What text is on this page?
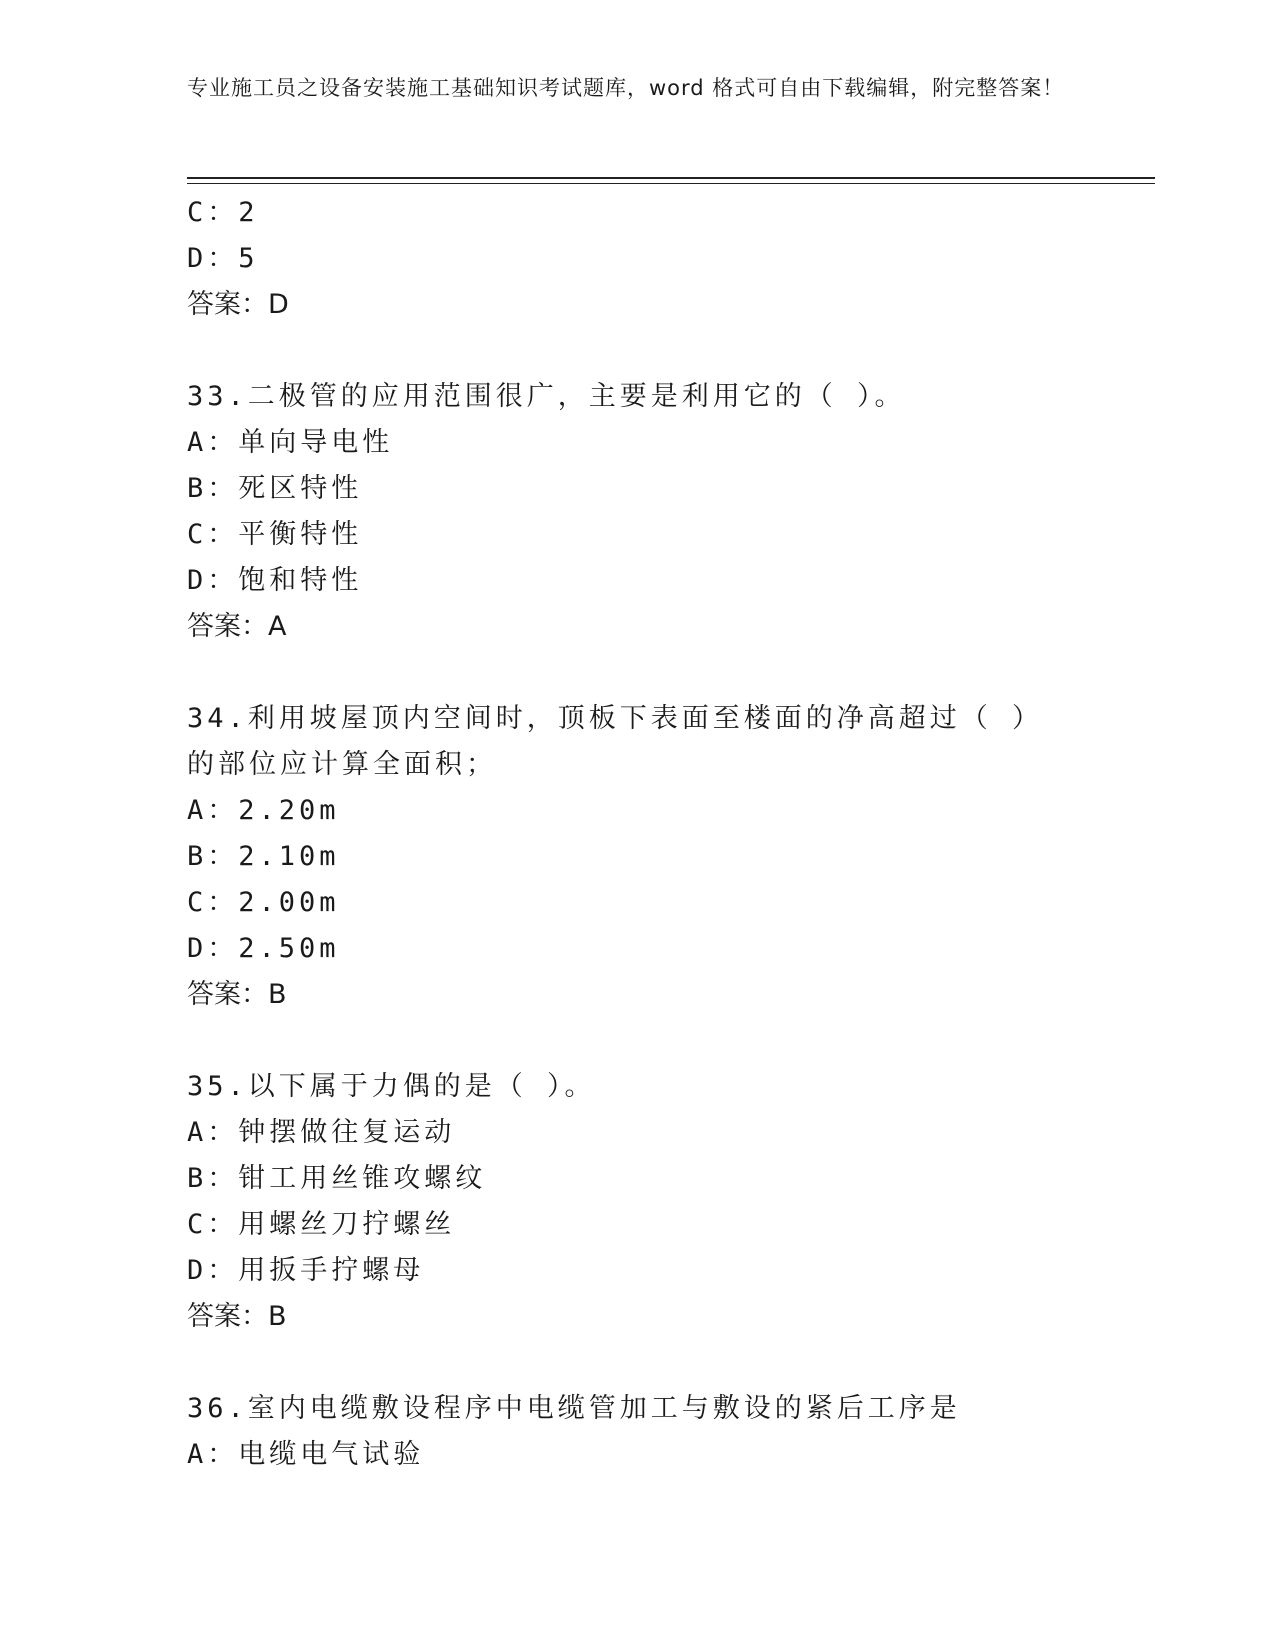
专业施工员之设备安装施工基础知识考试题库，word 格式可自由下载编辑，附完整答案！
C：2
D：5
答案：D
33.二极管的应用范围很广，主要是利用它的（ ）。
A：单向导电性
B：死区特性
C：平衡特性
D：饱和特性
答案：A
34.利用坡屋顶内空间时，顶板下表面至楼面的净高超过（ ）的部位应计算全面积；
A：2.20m
B：2.10m
C：2.00m
D：2.50m
答案：B
35.以下属于力偶的是（ ）。
A：钟摆做往复运动
B：钳工用丝锥攻螺纹
C：用螺丝刀拧螺丝
D：用扳手拧螺母
答案：B
36.室内电缆敷设程序中电缆管加工与敷设的紧后工序是
A：电缆电气试验
